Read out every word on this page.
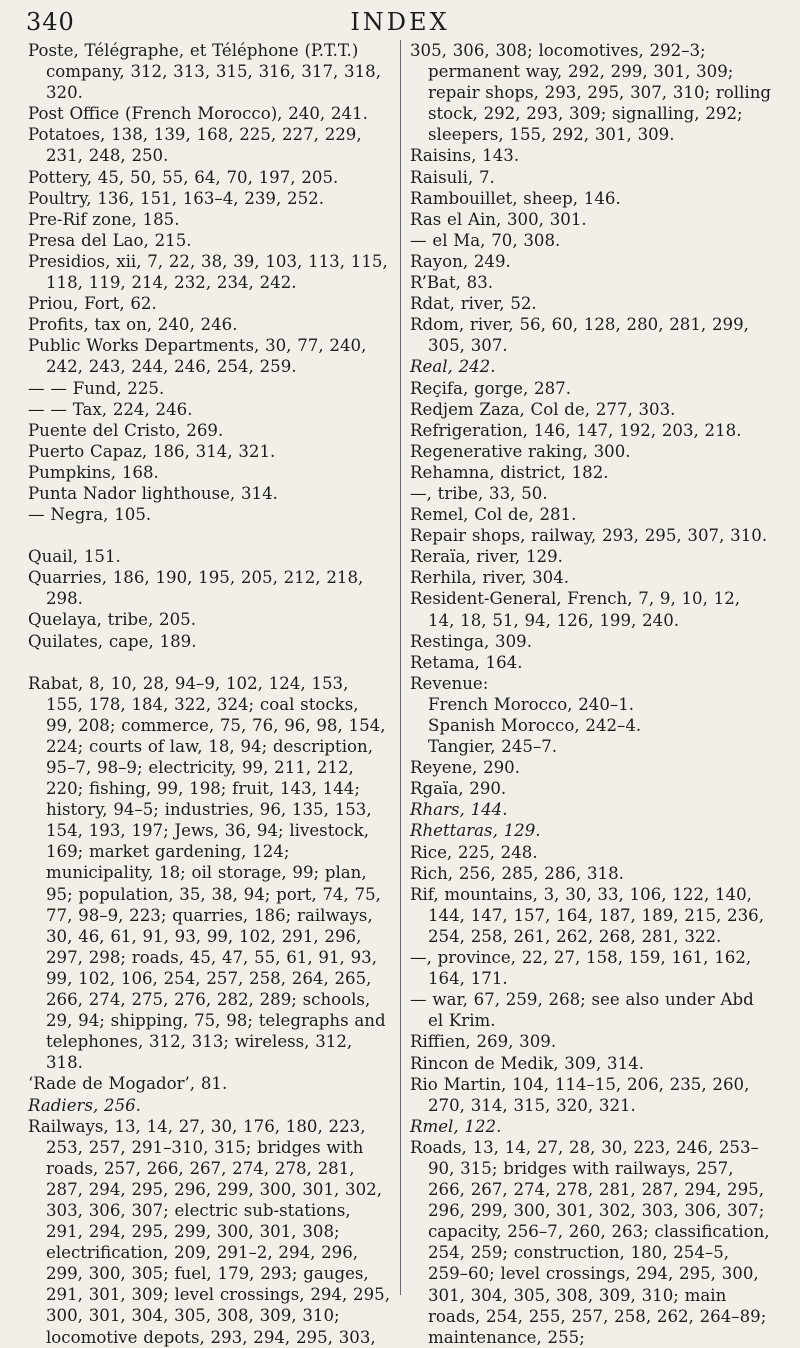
340	INDEX

Poste, Télégraphe, et Téléphone (P.T.T.) company, 312, 313, 315, 316, 317, 318, 320.

Post Office (French Morocco), 240, 241.

Potatoes, 138, 139, 168, 225, 227, 229, 231, 248, 250.

Pottery, 45, 50, 55, 64, 70, 197, 205.

Poultry, 136, 151, 163–4, 239, 252.

Pre-Rif zone, 185.

Presa del Lao, 215.

Presidios, xii, 7, 22, 38, 39, 103, 113, 115, 118, 119, 214, 232, 234, 242.

Priou, Fort, 62.

Profits, tax on, 240, 246.

Public Works Departments, 30, 77, 240, 242, 243, 244, 246, 254, 259.

— — Fund, 225.

— — Tax, 224, 246.

Puente del Cristo, 269.

Puerto Capaz, 186, 314, 321.

Pumpkins, 168.

Punta Nador lighthouse, 314.

— Negra, 105.

Quail, 151.

Quarries, 186, 190, 195, 205, 212, 218, 298.

Quelaya, tribe, 205.

Quilates, cape, 189.

Rabat, 8, 10, 28, 94–9, 102, 124, 153, 155, 178, 184, 322, 324; coal stocks, 99, 208; commerce, 75, 76, 96, 98, 154, 224; courts of law, 18, 94; description, 95–7, 98–9; electricity, 99, 211, 212, 220; fishing, 99, 198; fruit, 143, 144; history, 94–5; industries, 96, 135, 153, 154, 193, 197; Jews, 36, 94; livestock, 169; market gardening, 124; municipality, 18; oil storage, 99; plan, 95; population, 35, 38, 94; port, 74, 75, 77, 98–9, 223; quarries, 186; railways, 30, 46, 61, 91, 93, 99, 102, 291, 296, 297, 298; roads, 45, 47, 55, 61, 91, 93, 99, 102, 106, 254, 257, 258, 264, 265, 266, 274, 275, 276, 282, 289; schools, 29, 94; shipping, 75, 98; telegraphs and telephones, 312, 313; wireless, 312, 318.

‘Rade de Mogador’, 81.

Radiers, 256.

Railways, 13, 14, 27, 30, 176, 180, 223, 253, 257, 291–310, 315; bridges with roads, 257, 266, 267, 274, 278, 281, 287, 294, 295, 296, 299, 300, 301, 302, 303, 306, 307; electric sub-stations, 291, 294, 295, 299, 300, 301, 308; electrification, 209, 291–2, 294, 296, 299, 300, 305; fuel, 179, 293; gauges, 291, 301, 309; level crossings, 294, 295, 300, 301, 304, 305, 308, 309, 310; locomotive depots, 293, 294, 295, 303,

305, 306, 308; locomotives, 292–3; permanent way, 292, 299, 301, 309; repair shops, 293, 295, 307, 310; rolling stock, 292, 293, 309; signalling, 292; sleepers, 155, 292, 301, 309.

Raisins, 143.

Raisuli, 7.

Rambouillet, sheep, 146.

Ras el Ain, 300, 301.

— el Ma, 70, 308.

Rayon, 249.

R’Bat, 83.

Rdat, river, 52.

Rdom, river, 56, 60, 128, 280, 281, 299, 305, 307.

Real, 242.

Reçifa, gorge, 287.

Redjem Zaza, Col de, 277, 303.

Refrigeration, 146, 147, 192, 203, 218.

Regenerative raking, 300.

Rehamna, district, 182.

—, tribe, 33, 50.

Remel, Col de, 281.

Repair shops, railway, 293, 295, 307, 310.

Reraïa, river, 129.

Rerhila, river, 304.

Resident-General, French, 7, 9, 10, 12, 14, 18, 51, 94, 126, 199, 240.

Restinga, 309.

Retama, 164.

Revenue:

French Morocco, 240–1.

Spanish Morocco, 242–4.

Tangier, 245–7.

Reyene, 290.

Rgaïa, 290.

Rhars, 144.

Rhettaras, 129.

Rice, 225, 248.

Rich, 256, 285, 286, 318.

Rif, mountains, 3, 30, 33, 106, 122, 140, 144, 147, 157, 164, 187, 189, 215, 236, 254, 258, 261, 262, 268, 281, 322.

—, province, 22, 27, 158, 159, 161, 162, 164, 171.

— war, 67, 259, 268; see also under Abd el Krim.

Riffien, 269, 309.

Rincon de Medik, 309, 314.

Rio Martin, 104, 114–15, 206, 235, 260, 270, 314, 315, 320, 321.

Rmel, 122.

Roads, 13, 14, 27, 28, 30, 223, 246, 253–90, 315; bridges with railways, 257, 266, 267, 274, 278, 281, 287, 294, 295, 296, 299, 300, 301, 302, 303, 306, 307; capacity, 256–7, 260, 263; classification, 254, 259; construction, 180, 254–5, 259–60; level crossings, 294, 295, 300, 301, 304, 305, 308, 309, 310; main roads, 254, 255, 257, 258, 262, 264–89; maintenance, 255;
